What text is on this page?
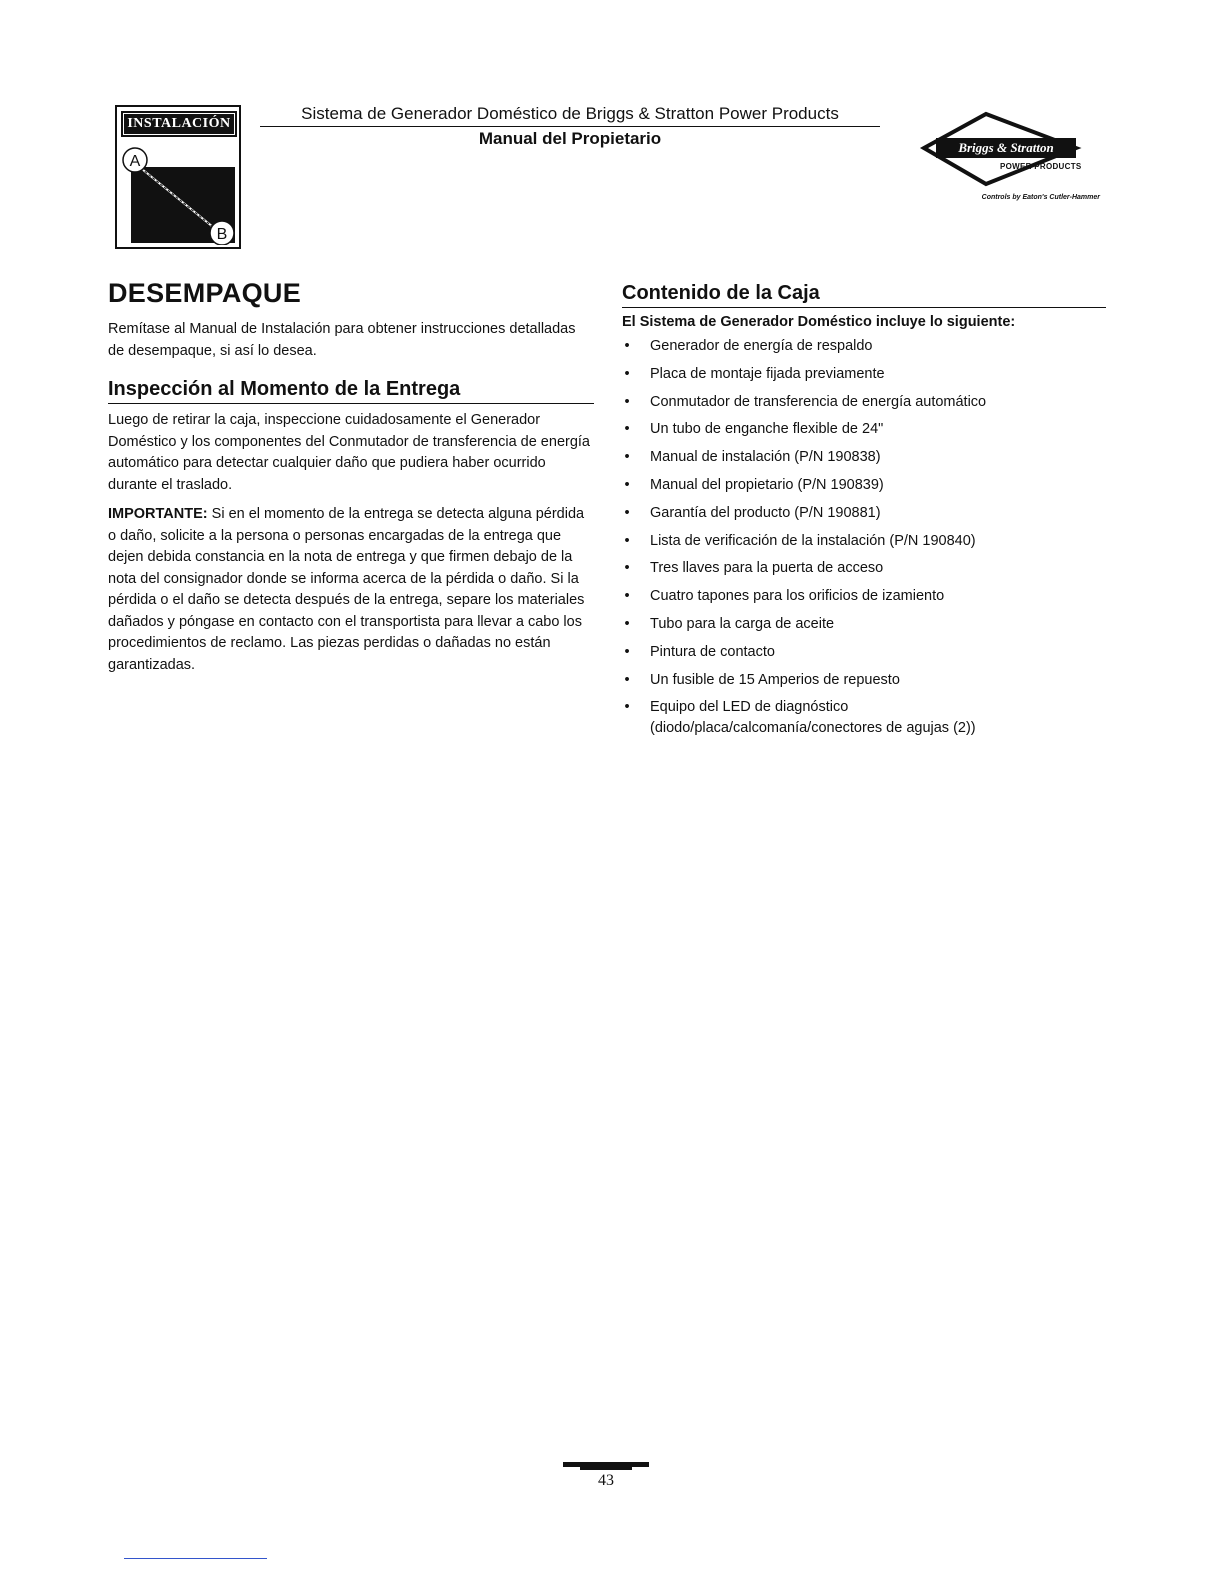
INSTALACIÓN
A
B
Sistema de Generador Doméstico de Briggs & Stratton Power Products
Manual del Propietario	Briggs & Stratton
POWER PRODUCTS
Controls by Eaton's Cutler-Hammer
DESEMPAQUE

Remítase al Manual de Instalación para obtener instrucciones detalladas de desempaque, si así lo desea.

Inspección al Momento de la Entrega

Luego de retirar la caja, inspeccione cuidadosamente el Generador Doméstico y los componentes del Conmutador de transferencia de energía automático para detectar cualquier daño que pudiera haber ocurrido durante el traslado.

IMPORTANTE: Si en el momento de la entrega se detecta alguna pérdida o daño, solicite a la persona o personas encargadas de la entrega que dejen debida constancia en la nota de entrega y que firmen debajo de la nota del consignador donde se informa acerca de la pérdida o daño. Si la pérdida o el daño se detecta después de la entrega, separe los materiales dañados y póngase en contacto con el transportista para llevar a cabo los procedimientos de reclamo. Las piezas perdidas o dañadas no están garantizadas.

Contenido de la Caja
El Sistema de Generador Doméstico incluye lo siguiente:
• Generador de energía de respaldo
• Placa de montaje fijada previamente
• Conmutador de transferencia de energía automático
• Un tubo de enganche flexible de 24"
• Manual de instalación (P/N 190838)
• Manual del propietario (P/N 190839)
• Garantía del producto (P/N 190881)
• Lista de verificación de la instalación (P/N 190840)
• Tres llaves para la puerta de acceso
• Cuatro tapones para los orificios de izamiento
• Tubo para la carga de aceite
• Pintura de contacto
• Un fusible de 15 Amperios de repuesto
• Equipo del LED de diagnóstico
(diodo/placa/calcomanía/conectores de agujas (2))
43
